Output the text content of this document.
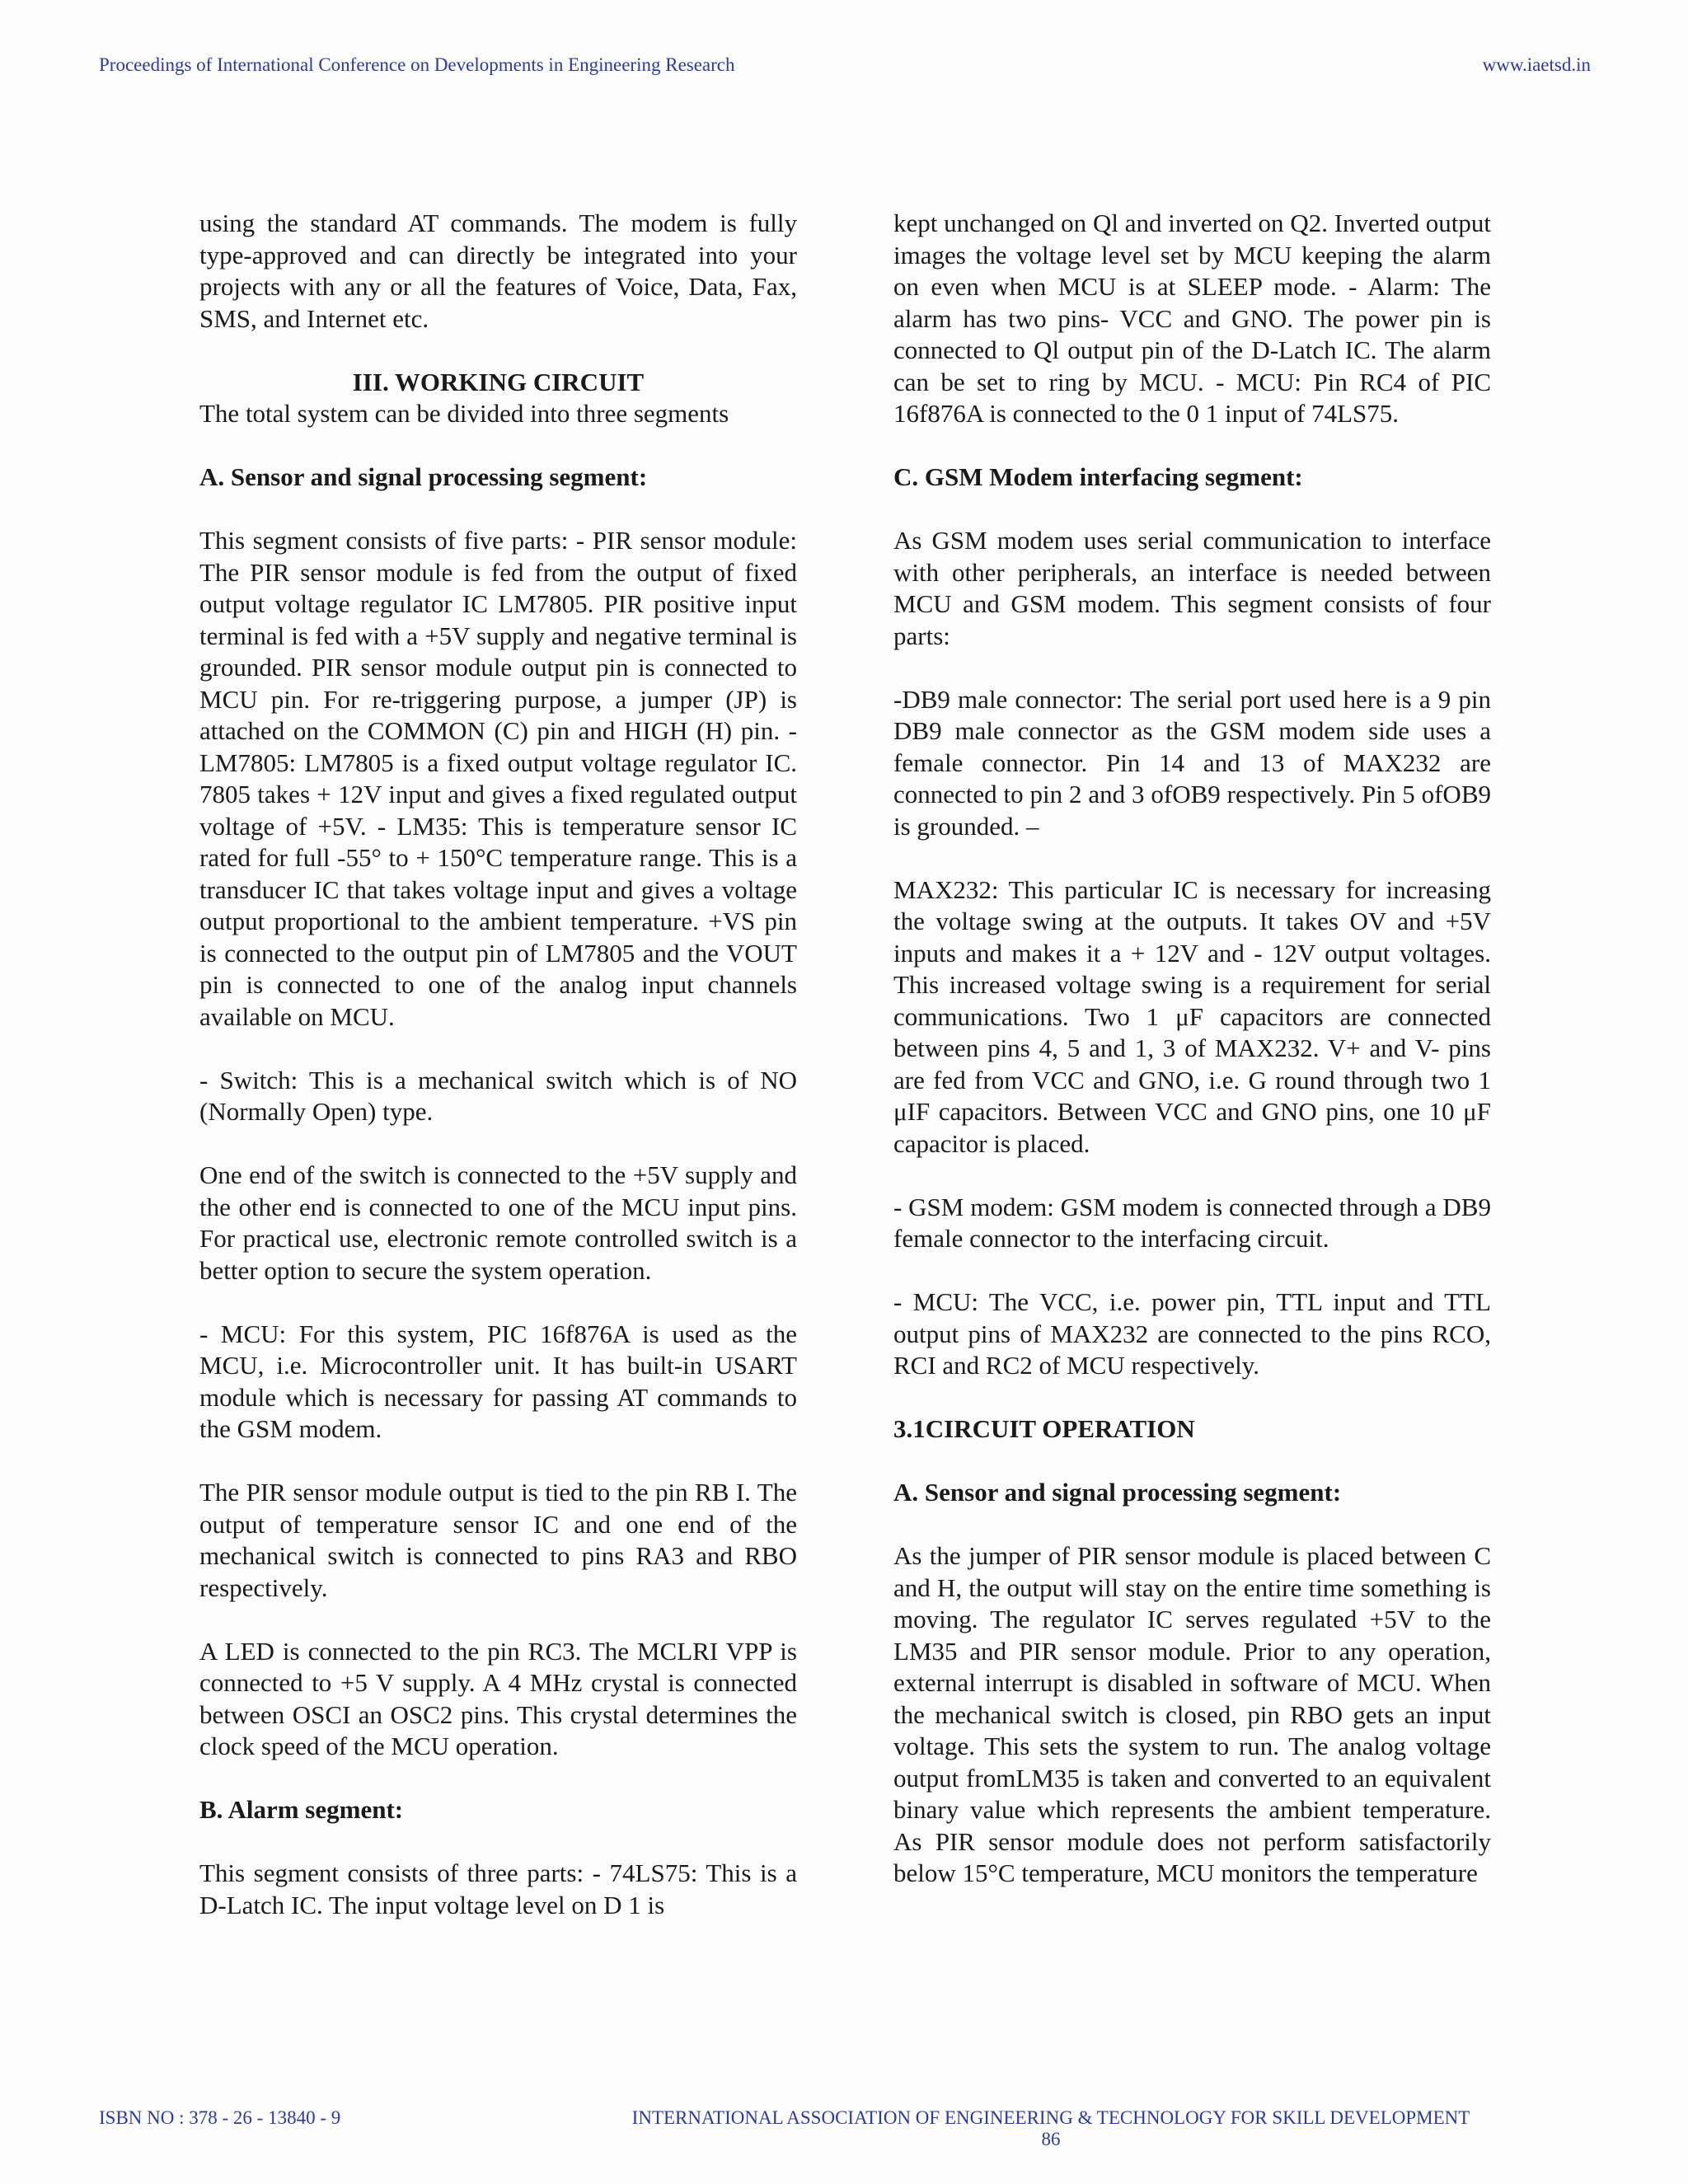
Proceedings of International Conference on Developments in Engineering Research	www.iaetsd.in

using the standard AT commands. The modem is fully type-approved and can directly be integrated into your projects with any or all the features of Voice, Data, Fax, SMS, and Internet etc.

III. WORKING CIRCUIT

The total system can be divided into three segments

A. Sensor and signal processing segment:

This segment consists of five parts: - PIR sensor module: The PIR sensor module is fed from the output of fixed output voltage regulator IC LM7805. PIR positive input terminal is fed with a +5V supply and negative terminal is grounded. PIR sensor module output pin is connected to MCU pin. For re-triggering purpose, a jumper (JP) is attached on the COMMON (C) pin and HIGH (H) pin. - LM7805: LM7805 is a fixed output voltage regulator IC. 7805 takes + 12V input and gives a fixed regulated output voltage of +5V. - LM35: This is temperature sensor IC rated for full -55° to + 150°C temperature range. This is a transducer IC that takes voltage input and gives a voltage output proportional to the ambient temperature. +VS pin is connected to the output pin of LM7805 and the VOUT pin is connected to one of the analog input channels available on MCU.

- Switch: This is a mechanical switch which is of NO (Normally Open) type.

One end of the switch is connected to the +5V supply and the other end is connected to one of the MCU input pins. For practical use, electronic remote controlled switch is a better option to secure the system operation.

- MCU: For this system, PIC 16f876A is used as the MCU, i.e. Microcontroller unit. It has built-in USART module which is necessary for passing AT commands to the GSM modem.

The PIR sensor module output is tied to the pin RB I. The output of temperature sensor IC and one end of the mechanical switch is connected to pins RA3 and RBO respectively.

A LED is connected to the pin RC3. The MCLRI VPP is connected to +5 V supply. A 4 MHz crystal is connected between OSCI an OSC2 pins. This crystal determines the clock speed of the MCU operation.

B. Alarm segment:

This segment consists of three parts: - 74LS75: This is a D-Latch IC. The input voltage level on D 1 is

kept unchanged on Ql and inverted on Q2. Inverted output images the voltage level set by MCU keeping the alarm on even when MCU is at SLEEP mode. - Alarm: The alarm has two pins- VCC and GNO. The power pin is connected to Ql output pin of the D-Latch IC. The alarm can be set to ring by MCU. - MCU: Pin RC4 of PIC 16f876A is connected to the 0 1 input of 74LS75.

C. GSM Modem interfacing segment:

As GSM modem uses serial communication to interface with other peripherals, an interface is needed between MCU and GSM modem. This segment consists of four parts:

-DB9 male connector: The serial port used here is a 9 pin DB9 male connector as the GSM modem side uses a female connector. Pin 14 and 13 of MAX232 are connected to pin 2 and 3 ofOB9 respectively. Pin 5 ofOB9 is grounded. –

MAX232: This particular IC is necessary for increasing the voltage swing at the outputs. It takes OV and +5V inputs and makes it a + 12V and - 12V output voltages. This increased voltage swing is a requirement for serial communications. Two 1 μF capacitors are connected between pins 4, 5 and 1, 3 of MAX232. V+ and V- pins are fed from VCC and GNO, i.e. G round through two 1 μIF capacitors. Between VCC and GNO pins, one 10 μF capacitor is placed.

- GSM modem: GSM modem is connected through a DB9 female connector to the interfacing circuit.

- MCU: The VCC, i.e. power pin, TTL input and TTL output pins of MAX232 are connected to the pins RCO, RCI and RC2 of MCU respectively.

3.1CIRCUIT OPERATION

A. Sensor and signal processing segment:

As the jumper of PIR sensor module is placed between C and H, the output will stay on the entire time something is moving. The regulator IC serves regulated +5V to the LM35 and PIR sensor module. Prior to any operation, external interrupt is disabled in software of MCU. When the mechanical switch is closed, pin RBO gets an input voltage. This sets the system to run. The analog voltage output fromLM35 is taken and converted to an equivalent binary value which represents the ambient temperature. As PIR sensor module does not perform satisfactorily below 15°C temperature, MCU monitors the temperature

ISBN NO : 378 - 26 - 13840 - 9	INTERNATIONAL ASSOCIATION OF ENGINEERING & TECHNOLOGY FOR SKILL DEVELOPMENT
86
